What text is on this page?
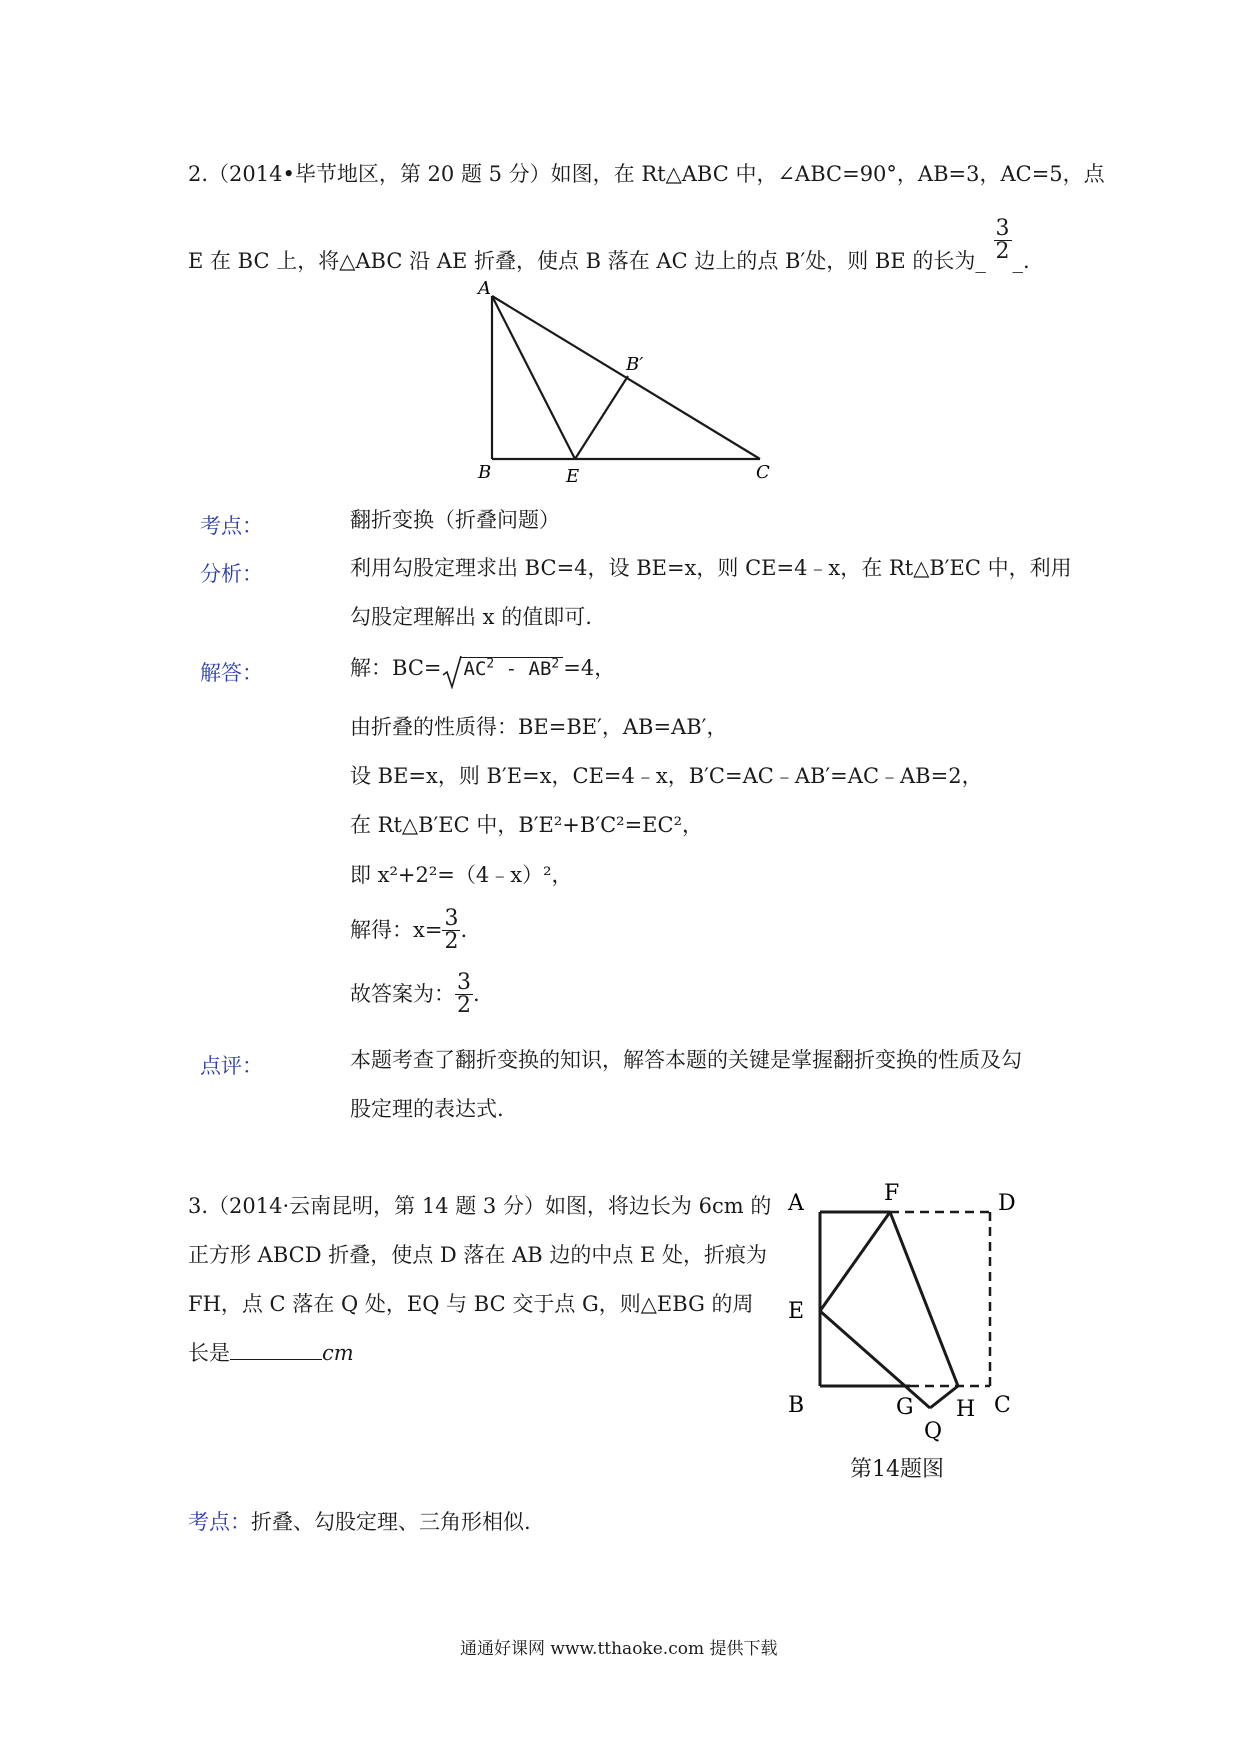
2.（2014•毕节地区，第 20 题 5 分）如图，在 Rt△ABC 中，∠ABC=90°，AB=3，AC=5，点
E 在 BC 上，将△ABC 沿 AE 折叠，使点 B 落在 AC 边上的点 B′处，则 BE 的长为_ $\frac{3}{2}$ _.
A
B	E	C
B′
考点：	翻折变换（折叠问题）
分析：	利用勾股定理求出 BC=4，设 BE=x，则 CE=4﹣x，在 Rt△B′EC 中，利用
勾股定理解出 x 的值即可.
解答：	解：$BC= AC^2 - AB^2 =4$，
由折叠的性质得：BE=BE′，AB=AB′，
设 BE=x，则 B′E=x，CE=4﹣x，B′C=AC﹣AB′=AC﹣AB=2，
在 Rt△B′EC 中，B′E²+B′C²=EC²，
即 x²+2²=（4﹣x）²，
解得：$x= \frac{3}{2}$ .
故答案为： $\frac{3}{2}$ .
点评：	本题考查了翻折变换的知识，解答本题的关键是掌握翻折变换的性质及勾
股定理的表达式.
3.（2014·云南昆明，第 14 题 3 分）如图，将边长为 6cm 的
正方形 ABCD 折叠，使点 D 落在 AB 边的中点 E 处，折痕为
FH，点 C 落在 Q 处，EQ 与 BC 交于点 G，则△EBG 的周
长是	cm
A	F	D
E
B	G H C
Q
第14题图
考点：折叠、勾股定理、三角形相似.
通通好课网 www.tthaoke.com 提供下载
